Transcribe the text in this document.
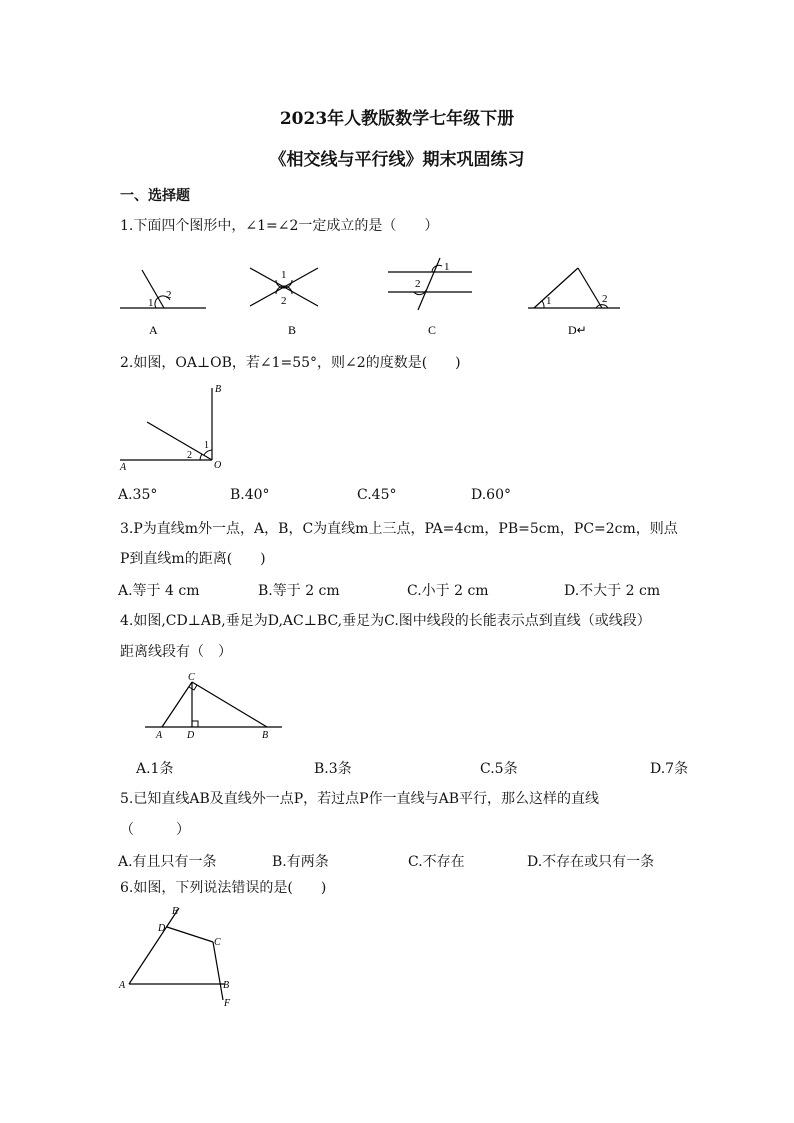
2023年人教版数学七年级下册
《相交线与平行线》期末巩固练习
一、选择题
1.下面四个图形中，∠1=∠2一定成立的是（　　）
1
2
A
1
2
B
1
2
C
1	2
D↵
2.如图，OA⊥OB，若∠1=55°，则∠2的度数是(　　)
B
A	O
1
2
A.35°	B.40°	C.45°	D.60°
3.P为直线m外一点，A，B，C为直线m上三点，PA=4cm，PB=5cm，PC=2cm，则点
P到直线m的距离(　　)
A.等于 4 cm	B.等于 2 cm	C.小于 2 cm	D.不大于 2 cm
4.如图,CD⊥AB,垂足为D,AC⊥BC,垂足为C.图中线段的长能表示点到直线（或线段）
距离线段有（　）
C
A D	B
A.1条	B.3条	C.5条	D.7条
5.已知直线AB及直线外一点P，若过点P作一直线与AB平行，那么这样的直线
（　　　）
A.有且只有一条	B.有两条	C.不存在	D.不存在或只有一条
6.如图，下列说法错误的是(　　)
E
D
C
A	B
F
